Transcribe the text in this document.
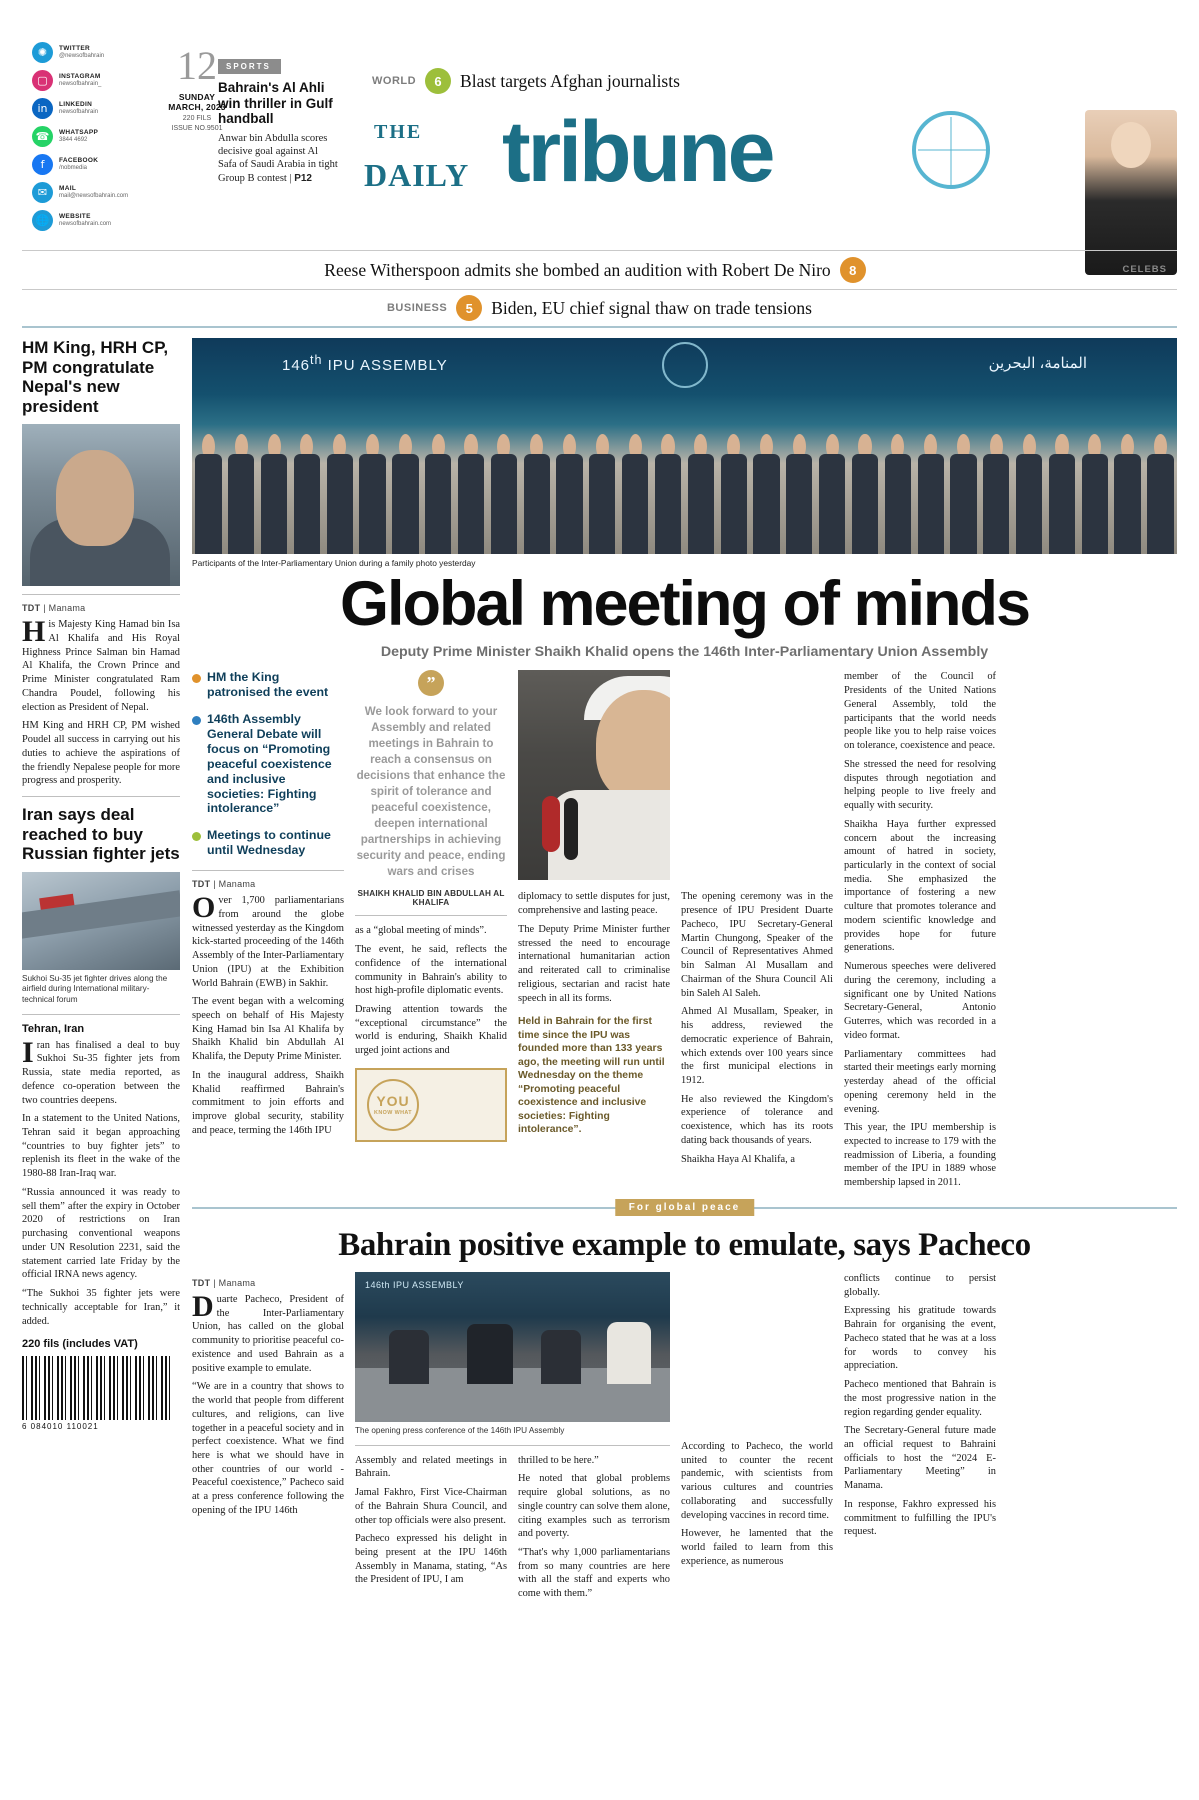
✺	TWITTER
@newsofbahrain
▢	INSTAGRAM
newsofbahrain_
in	LINKEDIN
newsofbahrain
☎	WHATSAPP
3844 4692
f	FACEBOOK
/nobmedia
✉	MAIL
mail@newsofbahrain.com
🌐	WEBSITE
newsofbahrain.com
12
SUNDAY
MARCH, 2023
220 FILS
ISSUE NO.9501
SPORTS
Bahrain's Al Ahli win thriller in Gulf handball
Anwar bin Abdulla scores decisive goal against Al Safa of Saudi Arabia in tight Group B contest | P12
WORLD	6	Blast targets Afghan journalists
THE
DAILY tribune
Reese Witherspoon admits she bombed an audition with Robert De Niro	8	CELEBS
BUSINESS	5	Biden, EU chief signal thaw on trade tensions
HM King, HRH CP, PM congratulate Nepal's new president
TDT | Manama

His Majesty King Hamad bin Isa Al Khalifa and His Royal Highness Prince Salman bin Hamad Al Khalifa, the Crown Prince and Prime Minister congratulated Ram Chandra Poudel, following his election as President of Nepal.

HM King and HRH CP, PM wished Poudel all success in carrying out his duties to achieve the aspirations of the friendly Nepalese people for more progress and prosperity.

Iran says deal reached to buy Russian fighter jets
Sukhoi Su-35 jet fighter drives along the airfield during International military-technical forum
Tehran, Iran

Iran has finalised a deal to buy Sukhoi Su-35 fighter jets from Russia, state media reported, as defence co-operation between the two countries deepens.

In a statement to the United Nations, Tehran said it began approaching “countries to buy fighter jets” to replenish its fleet in the wake of the 1980-88 Iran-Iraq war.

“Russia announced it was ready to sell them” after the expiry in October 2020 of restrictions on Iran purchasing conventional weapons under UN Resolution 2231, said the statement carried late Friday by the official IRNA news agency.

“The Sukhoi 35 fighter jets were technically acceptable for Iran,” it added.

220 fils (includes VAT)
6 084010 110021
146th IPU ASSEMBLY	المنامة، البحرين
Participants of the Inter-Parliamentary Union during a family photo yesterday
Global meeting of minds
Deputy Prime Minister Shaikh Khalid opens the 146th Inter-Parliamentary Union Assembly
HM the King patronised the event
146th Assembly General Debate will focus on “Promoting peaceful coexistence and inclusive societies: Fighting intolerance”
Meetings to continue until Wednesday
TDT | Manama

Over 1,700 parliamentarians from around the globe witnessed yesterday as the Kingdom kick-started proceeding of the 146th Assembly of the Inter-Parliamentary Union (IPU) at the Exhibition World Bahrain (EWB) in Sakhir.

The event began with a welcoming speech on behalf of His Majesty King Hamad bin Isa Al Khalifa by Shaikh Khalid bin Abdullah Al Khalifa, the Deputy Prime Minister.

In the inaugural address, Shaikh Khalid reaffirmed Bahrain's commitment to join efforts and improve global security, stability and peace, terming the 146th IPU

”
We look forward to your Assembly and related meetings in Bahrain to reach a consensus on decisions that enhance the spirit of tolerance and peaceful coexistence, deepen international partnerships in achieving security and peace, ending wars and crises
SHAIKH KHALID BIN ABDULLAH AL KHALIFA

as a “global meeting of minds”.

The event, he said, reflects the confidence of the international community in Bahrain's ability to host high-profile diplomatic events.

Drawing attention towards the “exceptional circumstance” the world is enduring, Shaikh Khalid urged joint actions and

YOU
KNOW WHAT

diplomacy to settle disputes for just, comprehensive and lasting peace.

The Deputy Prime Minister further stressed the need to encourage international humanitarian action and reiterated call to criminalise religious, sectarian and racist hate speech in all its forms.

Held in Bahrain for the first time since the IPU was founded more than 133 years ago, the meeting will run until Wednesday on the theme “Promoting peaceful coexistence and inclusive societies: Fighting intolerance”.

The opening ceremony was in the presence of IPU President Duarte Pacheco, IPU Secretary-General Martin Chungong, Speaker of the Council of Representatives Ahmed bin Salman Al Musallam and Chairman of the Shura Council Ali bin Saleh Al Saleh.

Ahmed Al Musallam, Speaker, in his address, reviewed the democratic experience of Bahrain, which extends over 100 years since the first municipal elections in 1912.

He also reviewed the Kingdom's experience of tolerance and coexistence, which has its roots dating back thousands of years.

Shaikha Haya Al Khalifa, a

member of the Council of Presidents of the United Nations General Assembly, told the participants that the world needs people like you to help raise voices on tolerance, coexistence and peace.

She stressed the need for resolving disputes through negotiation and helping people to live freely and equally with security.

Shaikha Haya further expressed concern about the increasing amount of hatred in society, particularly in the context of social media. She emphasized the importance of fostering a new culture that promotes tolerance and modern scientific knowledge and provides hope for future generations.

Numerous speeches were delivered during the ceremony, including a significant one by United Nations Secretary-General, Antonio Guterres, which was recorded in a video format.

Parliamentary committees had started their meetings early morning yesterday ahead of the official opening ceremony held in the evening.

This year, the IPU membership is expected to increase to 179 with the readmission of Liberia, a founding member of the IPU in 1889 whose membership lapsed in 2011.

For global peace
Bahrain positive example to emulate, says Pacheco
TDT | Manama

Duarte Pacheco, President of the Inter-Parliamentary Union, has called on the global community to prioritise peaceful co-existence and used Bahrain as a positive example to emulate.

“We are in a country that shows to the world that people from different cultures, and religions, can live together in a peaceful society and in perfect coexistence. What we find here is what we should have in other countries of our world - Peaceful coexistence,” Pacheco said at a press conference following the opening of the IPU 146th

146th IPU ASSEMBLY
The opening press conference of the 146th IPU Assembly

Assembly and related meetings in Bahrain.

Jamal Fakhro, First Vice-Chairman of the Bahrain Shura Council, and other top officials were also present.

Pacheco expressed his delight in being present at the IPU 146th Assembly in Manama, stating, “As the President of IPU, I am

thrilled to be here.”

He noted that global problems require global solutions, as no single country can solve them alone, citing examples such as terrorism and poverty.

“That's why 1,000 parliamentarians from so many countries are here with all the staff and experts who come with them.”

According to Pacheco, the world united to counter the recent pandemic, with scientists from various cultures and countries collaborating and successfully developing vaccines in record time.

However, he lamented that the world failed to learn from this experience, as numerous

conflicts continue to persist globally.

Expressing his gratitude towards Bahrain for organising the event, Pacheco stated that he was at a loss for words to convey his appreciation.

Pacheco mentioned that Bahrain is the most progressive nation in the region regarding gender equality.

The Secretary-General future made an official request to Bahraini officials to host the “2024 E-Parliamentary Meeting” in Manama.

In response, Fakhro expressed his commitment to fulfilling the IPU's request.
